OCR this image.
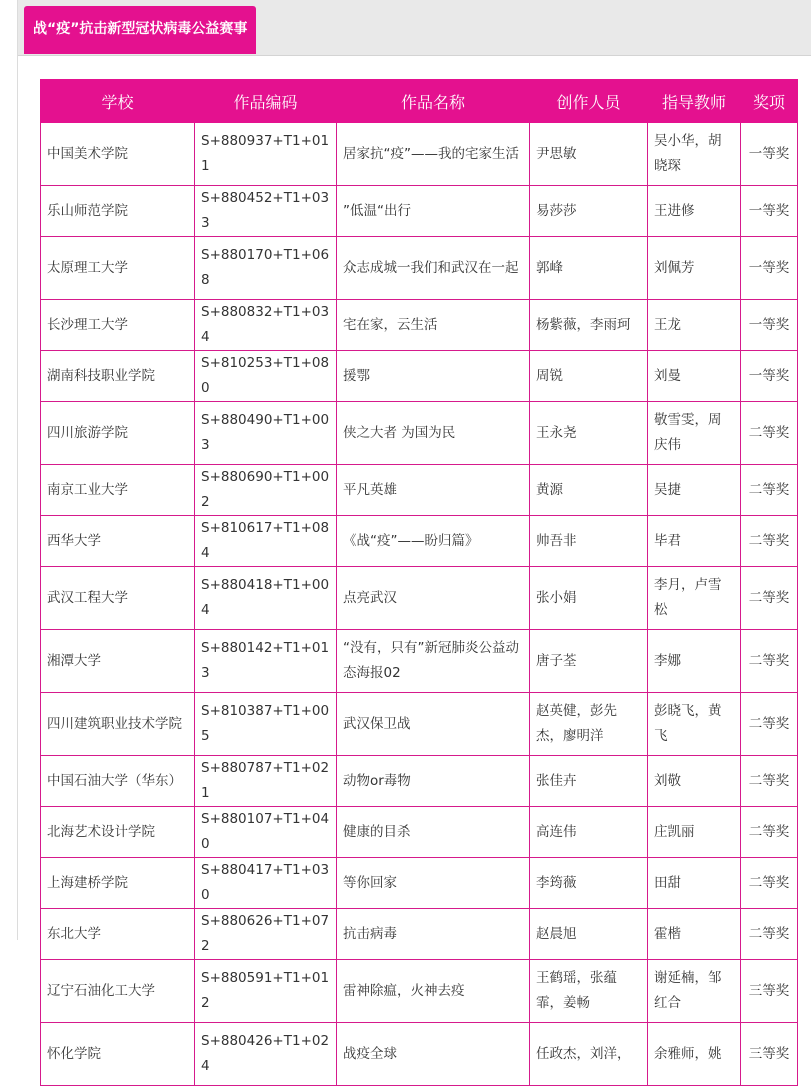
战“疫”抗击新型冠状病毒公益赛事
学校	作品编码	作品名称	创作人员	指导教师	奖项
中国美术学院	S+880937+T1+011	居家抗“疫”——我的宅家生活	尹思敏	吴小华，胡晓琛	一等奖
乐山师范学院	S+880452+T1+033	”低温“出行	易莎莎	王进修	一等奖
太原理工大学	S+880170+T1+068	众志成城一我们和武汉在一起	郭峰	刘佩芳	一等奖
长沙理工大学	S+880832+T1+034	宅在家，云生活	杨紫薇，李雨珂	王龙	一等奖
湖南科技职业学院	S+810253+T1+080	援鄂	周锐	刘曼	一等奖
四川旅游学院	S+880490+T1+003	侠之大者 为国为民	王永尧	敬雪雯，周庆伟	二等奖
南京工业大学	S+880690+T1+002	平凡英雄	黄源	吴捷	二等奖
西华大学	S+810617+T1+084	《战“疫”——盼归篇》	帅吾非	毕君	二等奖
武汉工程大学	S+880418+T1+004	点亮武汉	张小娟	李月，卢雪松	二等奖
湘潭大学	S+880142+T1+013	“没有，只有”新冠肺炎公益动态海报02	唐子荃	李娜	二等奖
四川建筑职业技术学院	S+810387+T1+005	武汉保卫战	赵英健，彭先杰，廖明洋	彭晓飞，黄飞	二等奖
中国石油大学（华东）	S+880787+T1+021	动物or毒物	张佳卉	刘敬	二等奖
北海艺术设计学院	S+880107+T1+040	健康的目杀	高连伟	庄凯丽	二等奖
上海建桥学院	S+880417+T1+030	等你回家	李筠薇	田甜	二等奖
东北大学	S+880626+T1+072	抗击病毒	赵晨旭	霍楷	二等奖
辽宁石油化工大学	S+880591+T1+012	雷神除瘟，火神去疫	王鹤瑶，张蕴霏，姜畅	谢延楠，邹红合	三等奖
怀化学院	S+880426+T1+024	战疫全球	任政杰，刘洋，	余雅师，姚	三等奖
